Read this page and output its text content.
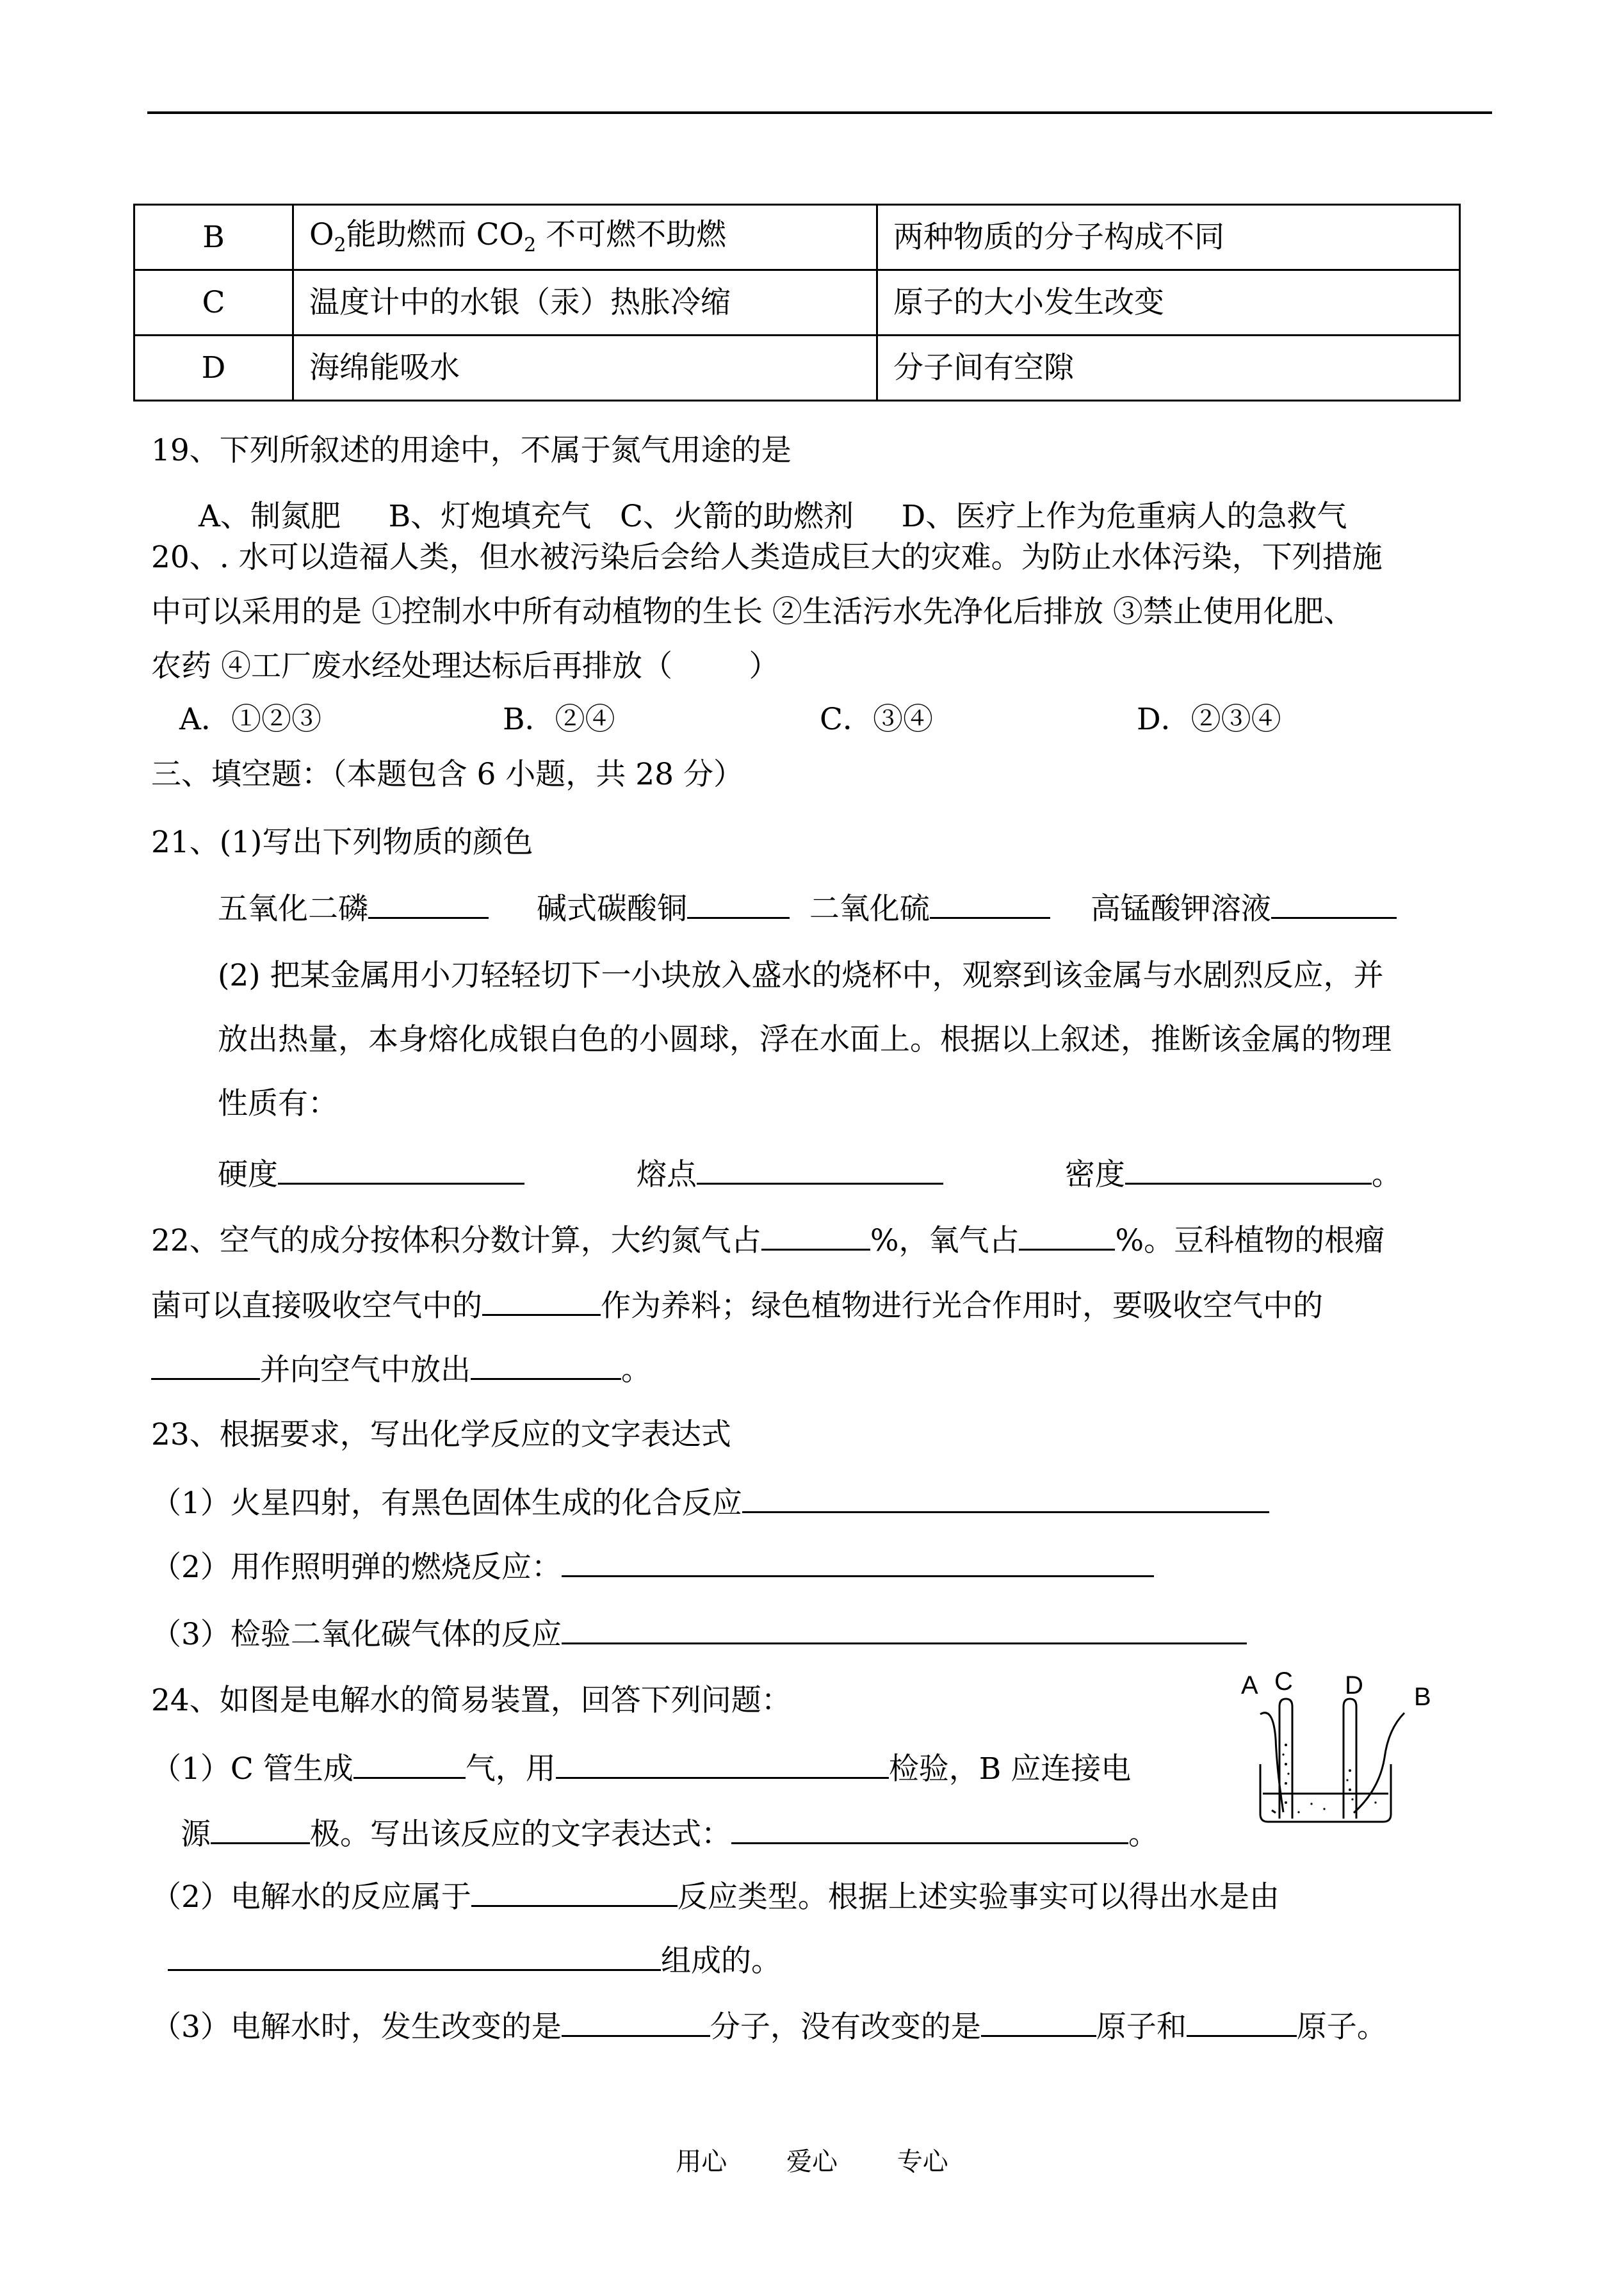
B	$O_2$能助燃而 $CO_2$ 不可燃不助燃	两种物质的分子构成不同
C	温度计中的水银（汞）热胀冷缩	原子的大小发生改变
D	海绵能吸水	分子间有空隙
19、下列所叙述的用途中，不属于氮气用途的是
A、制氮肥     B、灯炮填充气   C、火箭的助燃剂     D、医疗上作为危重病人的急救气
20、. 水可以造福人类，但水被污染后会给人类造成巨大的灾难。为防止水体污染，下列措施
中可以采用的是 ①控制水中所有动植物的生长 ②生活污水先净化后排放 ③禁止使用化肥、
农药 ④工厂废水经处理达标后再排放（        ）
A．①②③	B．②④	C．③④	D．②③④
三、填空题：（本题包含 6 小题，共 28 分）
21、(1)写出下列物质的颜色
五氧化二磷	碱式碳酸铜	二氧化硫	高锰酸钾溶液
(2) 把某金属用小刀轻轻切下一小块放入盛水的烧杯中，观察到该金属与水剧烈反应，并
放出热量，本身熔化成银白色的小圆球，浮在水面上。根据以上叙述，推断该金属的物理
性质有：
硬度	熔点	密度	。
22、空气的成分按体积分数计算，大约氮气占	%，氧气占	%。豆科植物的根瘤
菌可以直接吸收空气中的	作为养料；绿色植物进行光合作用时，要吸收空气中的
并向空气中放出	。
23、根据要求，写出化学反应的文字表达式
（1）火星四射，有黑色固体生成的化合反应
（2）用作照明弹的燃烧反应：
（3）检验二氧化碳气体的反应
24、如图是电解水的简易装置，回答下列问题：	A C D B
（1）C 管生成	气，用	检验，B 应连接电
源	极。写出该反应的文字表达式：	。
（2）电解水的反应属于	反应类型。根据上述实验事实可以得出水是由
组成的。
（3）电解水时，发生改变的是	分子，没有改变的是	原子和	原子。
用心 爱心 专心
